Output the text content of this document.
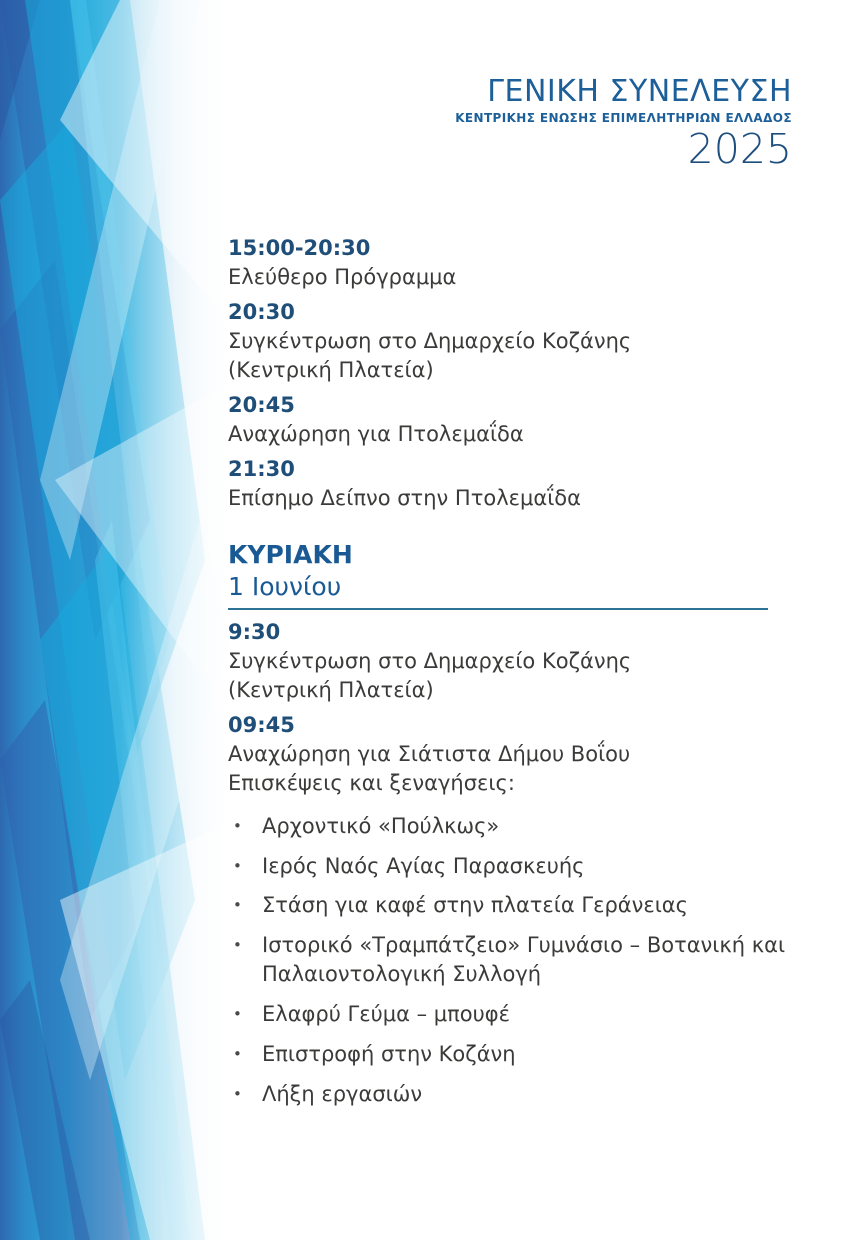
ΓΕΝΙΚΗ ΣΥΝΕΛΕΥΣΗ
ΚΕΝΤΡΙΚΗΣ ΕΝΩΣΗΣ ΕΠΙΜΕΛΗΤΗΡΙΩΝ ΕΛΛΑΔΟΣ
2025
15:00-20:30
Ελεύθερο Πρόγραμμα
20:30
Συγκέντρωση στο Δημαρχείο Κοζάνης
(Κεντρική Πλατεία)
20:45
Αναχώρηση για Πτολεμαΐδα
21:30
Επίσημο Δείπνο στην Πτολεμαΐδα
ΚΥΡΙΑΚΗ
1 Ιουνίου
9:30
Συγκέντρωση στο Δημαρχείο Κοζάνης
(Κεντρική Πλατεία)
09:45
Αναχώρηση για Σιάτιστα Δήμου Βοΐου
Επισκέψεις και ξεναγήσεις:
• Αρχοντικό «Πούλκως»
• Ιερός Ναός Αγίας Παρασκευής
• Στάση για καφέ στην πλατεία Γεράνειας
• Ιστορικό «Τραμπάτζειο» Γυμνάσιο – Βοτανική και Παλαιοντολογική Συλλογή
• Ελαφρύ Γεύμα – μπουφέ
• Επιστροφή στην Κοζάνη
• Λήξη εργασιών
